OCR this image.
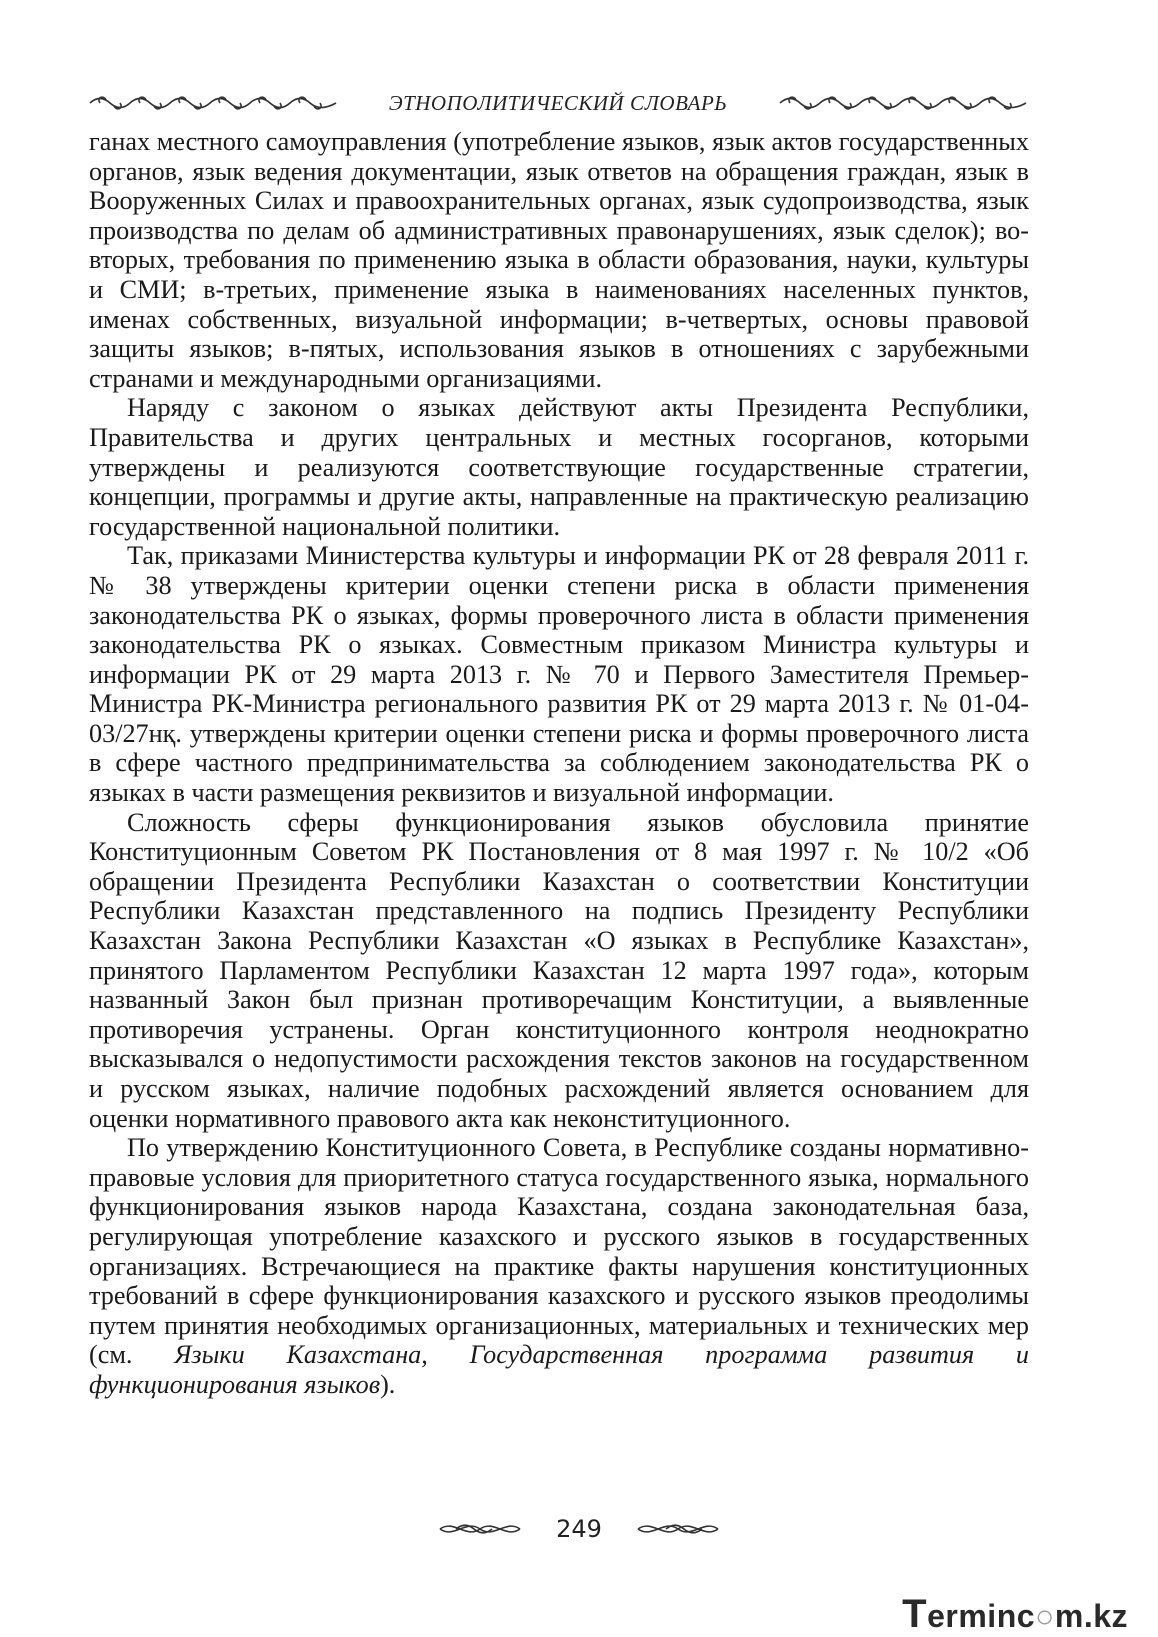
ЭТНОПОЛИТИЧЕСКИЙ СЛОВАРЬ

ганах местного самоуправления (употребление языков, язык актов государственных органов, язык ведения документации, язык ответов на обращения граждан, язык в Вооруженных Силах и правоохранительных органах, язык судопроизводства, язык производства по делам об административных правонарушениях, язык сделок); во-вторых, требования по применению языка в области образования, науки, культуры и СМИ; в-третьих, применение языка в наименованиях населенных пунктов, именах собственных, визуальной информации; в-четвертых, основы правовой защиты языков; в-пятых, использования языков в отношениях с зарубежными странами и международными организациями.

Наряду с законом о языках действуют акты Президента Республики, Правительства и других центральных и местных госорганов, которыми утверждены и реализуются соответствующие государственные стратегии, концепции, программы и другие акты, направленные на практическую реализацию государственной национальной политики.

Так, приказами Министерства культуры и информации РК от 28 февраля 2011 г. № 38 утверждены критерии оценки степени риска в области применения законодательства РК о языках, формы проверочного листа в области применения законодательства РК о языках. Совместным приказом Министра культуры и информации РК от 29 марта 2013 г. № 70 и Первого Заместителя Премьер-Министра РК-Министра регионального развития РК от 29 марта 2013 г. № 01-04-03/27нқ. утверждены критерии оценки степени риска и формы проверочного листа в сфере частного предпринимательства за соблюдением законодательства РК о языках в части размещения реквизитов и визуальной информации.

Сложность сферы функционирования языков обусловила принятие Конституционным Советом РК Постановления от 8 мая 1997 г. № 10/2 «Об обращении Президента Республики Казахстан о соответствии Конституции Республики Казахстан представленного на подпись Президенту Республики Казахстан Закона Республики Казахстан «О языках в Республике Казахстан», принятого Парламентом Республики Казахстан 12 марта 1997 года», которым названный Закон был признан противоречащим Конституции, а выявленные противоречия устранены. Орган конституционного контроля неоднократно высказывался о недопустимости расхождения текстов законов на государственном и русском языках, наличие подобных расхождений является основанием для оценки нормативного правового акта как неконституционного.

По утверждению Конституционного Совета, в Республике созданы нормативно-правовые условия для приоритетного статуса государственного языка, нормального функционирования языков народа Казахстана, создана законодательная база, регулирующая употребление казахского и русского языков в государственных организациях. Встречающиеся на практике факты нарушения конституционных требований в сфере функционирования казахского и русского языков преодолимы путем принятия необходимых организационных, материальных и технических мер (см. Языки Казахстана, Государственная программа развития и функционирования языков).

249
Terminc○m.kz
